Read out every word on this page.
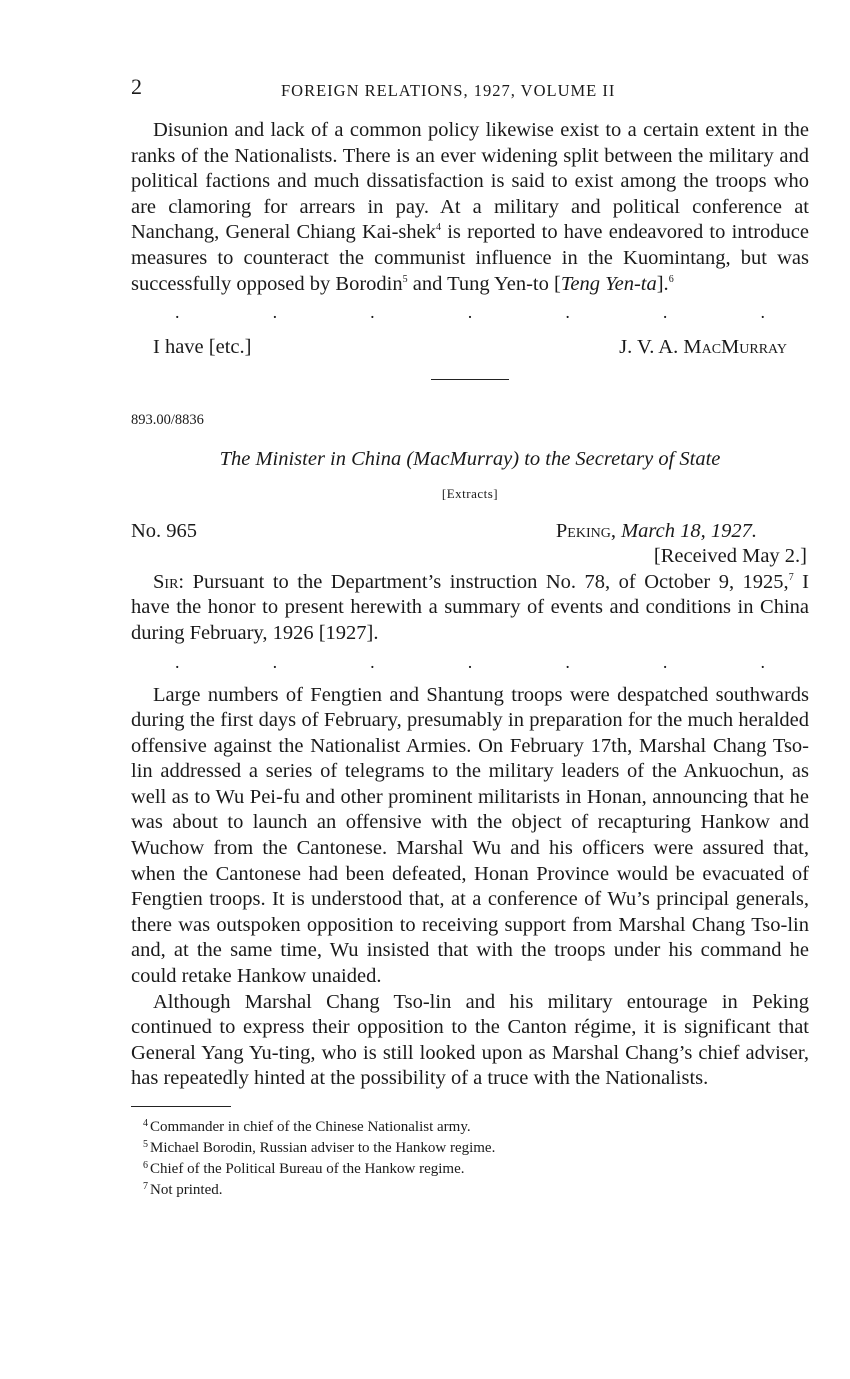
2	FOREIGN RELATIONS, 1927, VOLUME II

Disunion and lack of a common policy likewise exist to a certain extent in the ranks of the Nationalists. There is an ever widening split between the military and political factions and much dissatisfaction is said to exist among the troops who are clamoring for arrears in pay. At a military and political conference at Nanchang, General Chiang Kai-shek$^4$ is reported to have endeavored to introduce measures to counteract the communist influence in the Kuomintang, but was successfully opposed by Borodin$^5$ and Tung Yen-to [Teng Yen-ta].$^6$

.	.	.	.	.	.	.
I have [etc.]	J. V. A. MacMurray
893.00/8836
The Minister in China (MacMurray) to the Secretary of State
[Extracts]
No. 965	Peking, March 18, 1927.
[Received May 2.]

Sir: Pursuant to the Department’s instruction No. 78, of October 9, 1925,$^7$ I have the honor to present herewith a summary of events and conditions in China during February, 1926 [1927].

.	.	.	.	.	.	.

Large numbers of Fengtien and Shantung troops were despatched southwards during the first days of February, presumably in preparation for the much heralded offensive against the Nationalist Armies. On February 17th, Marshal Chang Tso-lin addressed a series of telegrams to the military leaders of the Ankuochun, as well as to Wu Pei-fu and other prominent militarists in Honan, announcing that he was about to launch an offensive with the object of recapturing Hankow and Wuchow from the Cantonese. Marshal Wu and his officers were assured that, when the Cantonese had been defeated, Honan Province would be evacuated of Fengtien troops. It is understood that, at a conference of Wu’s principal generals, there was outspoken opposition to receiving support from Marshal Chang Tso-lin and, at the same time, Wu insisted that with the troops under his command he could retake Hankow unaided.

Although Marshal Chang Tso-lin and his military entourage in Peking continued to express their opposition to the Canton régime, it is significant that General Yang Yu-ting, who is still looked upon as Marshal Chang’s chief adviser, has repeatedly hinted at the possibility of a truce with the Nationalists.

$^4$ Commander in chief of the Chinese Nationalist army.
$^5$ Michael Borodin, Russian adviser to the Hankow regime.
$^6$ Chief of the Political Bureau of the Hankow regime.
$^7$ Not printed.
